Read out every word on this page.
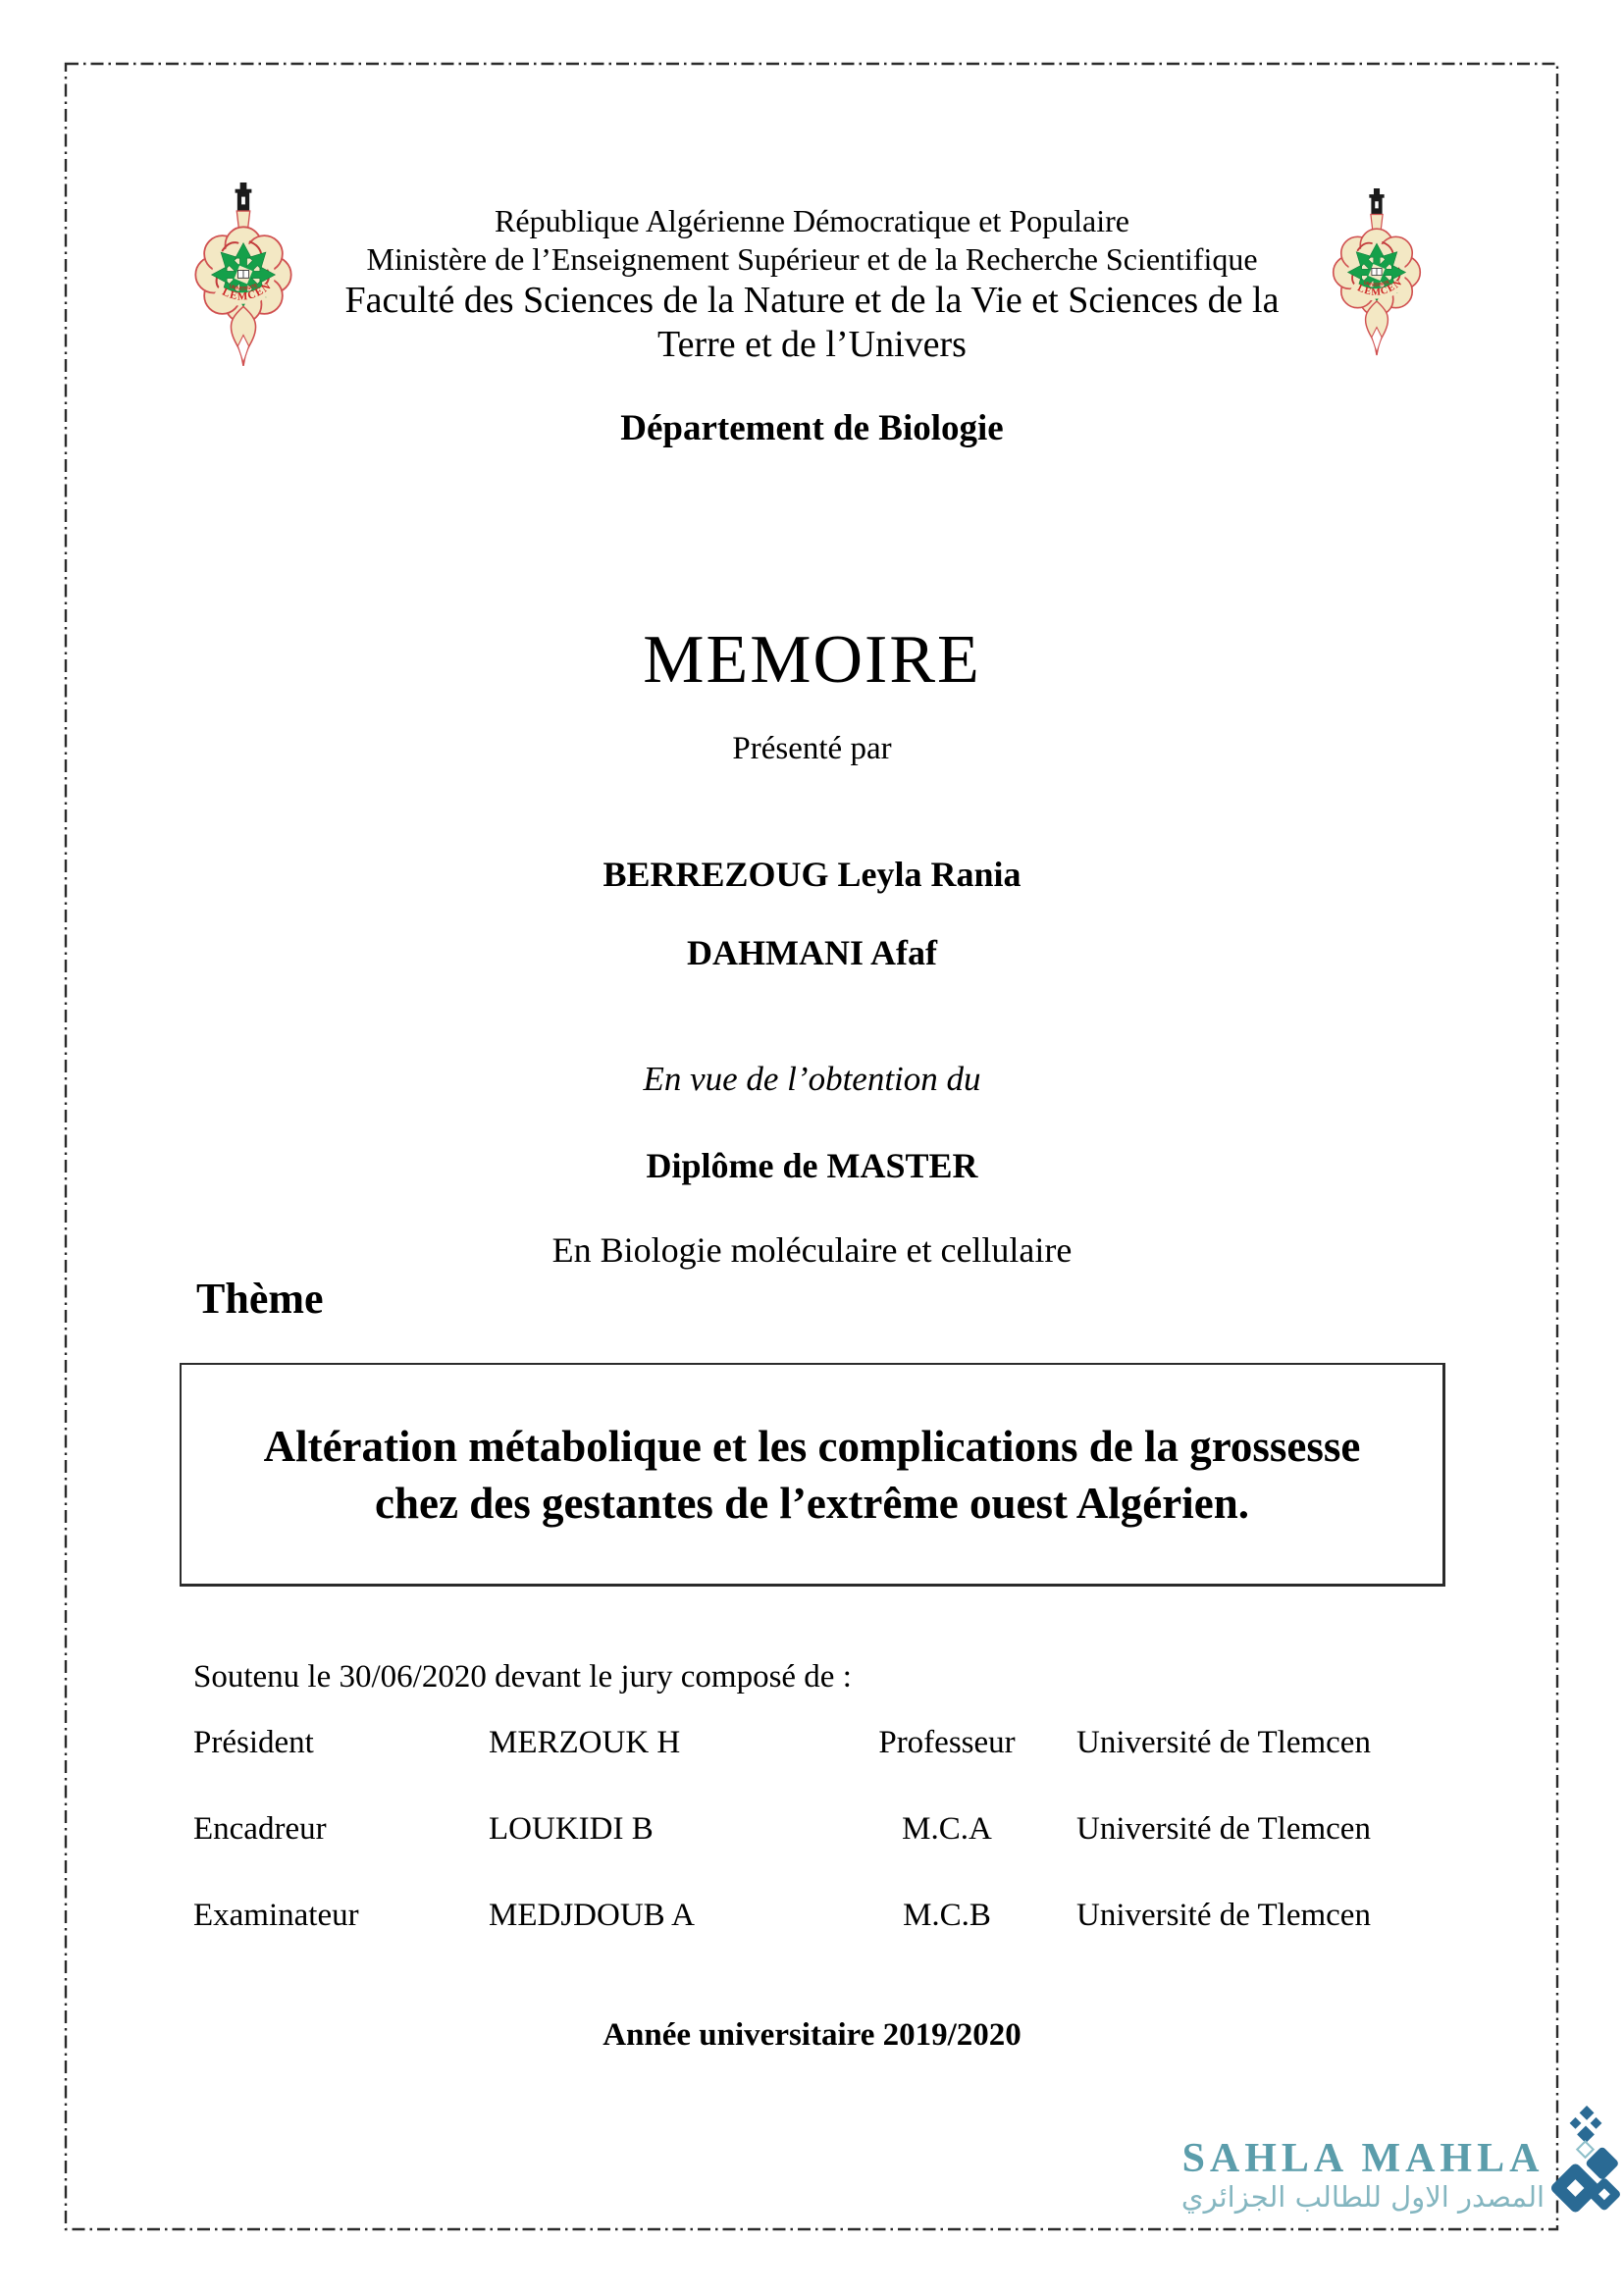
République Algérienne Démocratique et Populaire
Ministère de l’Enseignement Supérieur et de la Recherche Scientifique
Faculté des Sciences de la Nature et de la Vie et Sciences de la
Terre et de l’Univers
Département de Biologie
MEMOIRE
Présenté par
BERREZOUG Leyla Rania
DAHMANI Afaf
En vue de l’obtention du
Diplôme de MASTER
En Biologie moléculaire et cellulaire
Thème
Altération métabolique et les complications de la grossesse
chez des gestantes de l’extrême ouest Algérien.
Soutenu le 30/06/2020 devant le jury composé de :
Président	MERZOUK H	Professeur	Université de Tlemcen
Encadreur	LOUKIDI B	M.C.A	Université de Tlemcen
Examinateur	MEDJDOUB A	M.C.B	Université de Tlemcen
Année universitaire 2019/2020
SAHLA MAHLA
المصدر الاول للطالب الجزائري
